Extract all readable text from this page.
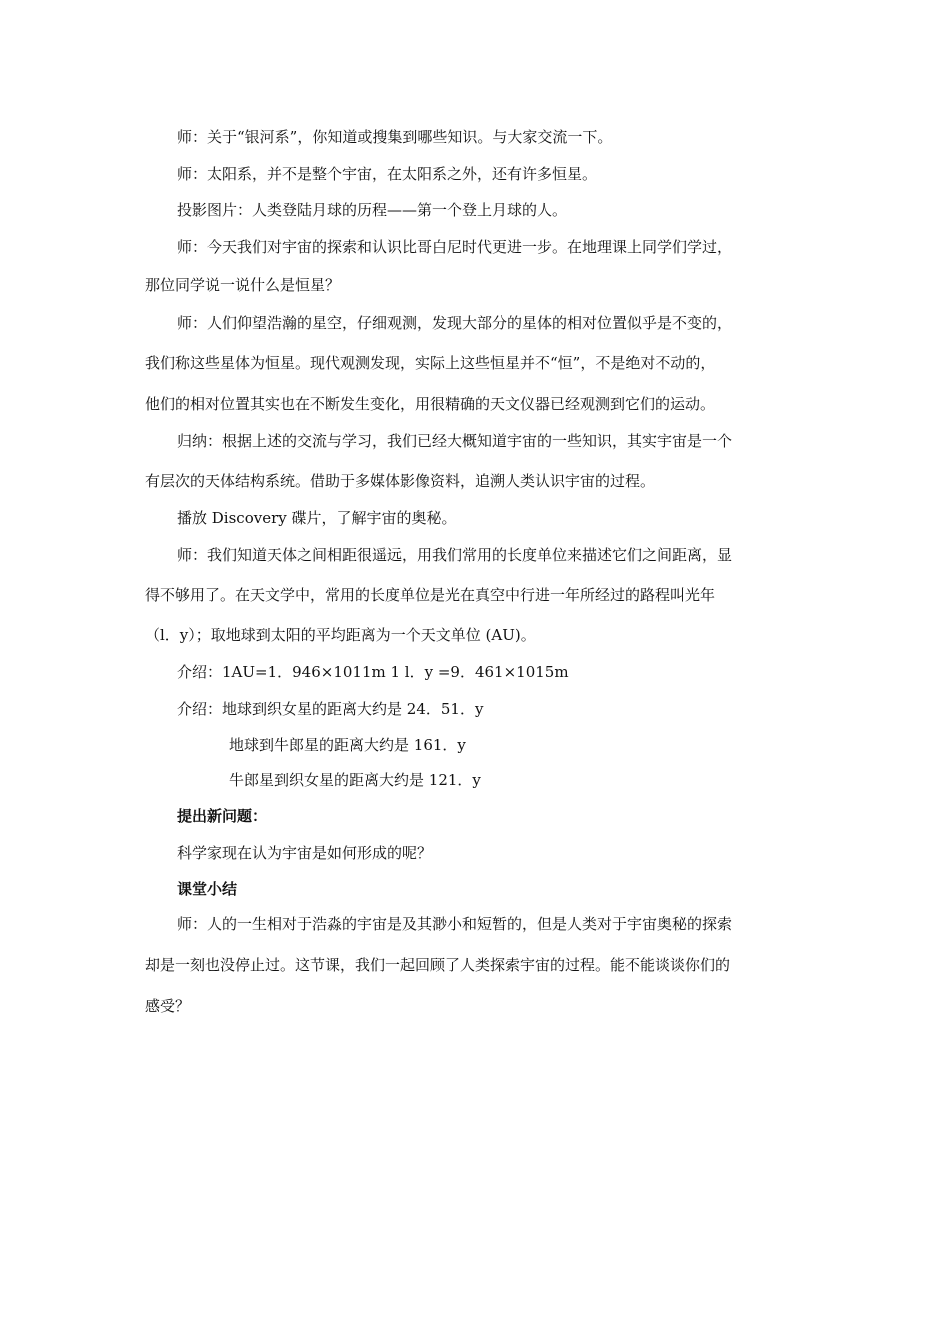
师：关于“银河系”，你知道或搜集到哪些知识。与大家交流一下。
师：太阳系，并不是整个宇宙，在太阳系之外，还有许多恒星。
投影图片：人类登陆月球的历程——第一个登上月球的人。
师：今天我们对宇宙的探索和认识比哥白尼时代更进一步。在地理课上同学们学过，
那位同学说一说什么是恒星？
师：人们仰望浩瀚的星空，仔细观测，发现大部分的星体的相对位置似乎是不变的，
我们称这些星体为恒星。现代观测发现，实际上这些恒星并不“恒”，不是绝对不动的，
他们的相对位置其实也在不断发生变化，用很精确的天文仪器已经观测到它们的运动。
归纳：根据上述的交流与学习，我们已经大概知道宇宙的一些知识，其实宇宙是一个
有层次的天体结构系统。借助于多媒体影像资料，追溯人类认识宇宙的过程。
播放 Discovery 碟片，了解宇宙的奥秘。
师：我们知道天体之间相距很遥远，用我们常用的长度单位来描述它们之间距离，显
得不够用了。在天文学中，常用的长度单位是光在真空中行进一年所经过的路程叫光年
（l．y）；取地球到太阳的平均距离为一个天文单位 (AU)。
介绍：1AU=1．946×1011m 1 l．y =9．461×1015m
介绍：地球到织女星的距离大约是 24．51．y
地球到牛郎星的距离大约是 161．y
牛郎星到织女星的距离大约是 121．y
提出新问题：
科学家现在认为宇宙是如何形成的呢？
课堂小结
师：人的一生相对于浩淼的宇宙是及其渺小和短暂的，但是人类对于宇宙奥秘的探索
却是一刻也没停止过。这节课，我们一起回顾了人类探索宇宙的过程。能不能谈谈你们的
感受？
